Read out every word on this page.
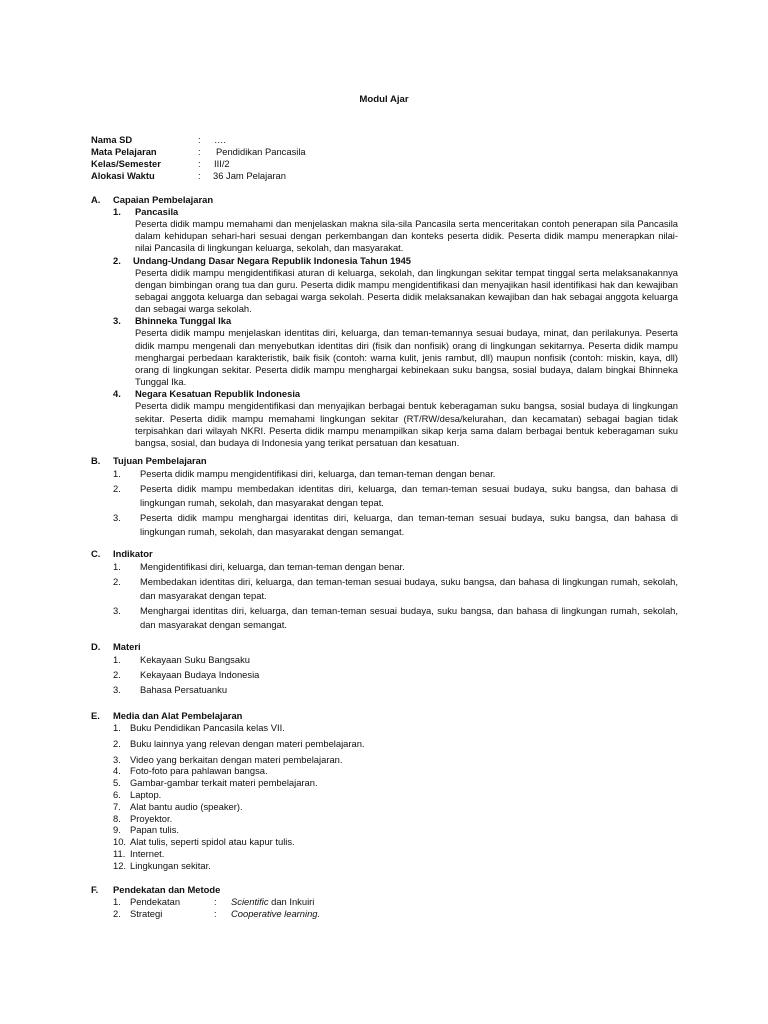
Modul Ajar
Nama SD	: ….
Mata Pelajaran	: Pendidikan Pancasila
Kelas/Semester	: III/2
Alokasi Waktu	: 36 Jam Pelajaran
A. Capaian Pembelajaran
1. Pancasila
Peserta didik mampu memahami dan menjelaskan makna sila-sila Pancasila serta menceritakan contoh penerapan sila Pancasila dalam kehidupan sehari-hari sesuai dengan perkembangan dan konteks peserta didik. Peserta didik mampu menerapkan nilai-nilai Pancasila di lingkungan keluarga, sekolah, dan masyarakat.
2. Undang-Undang Dasar Negara Republik Indonesia Tahun 1945
Peserta didik mampu mengidentifikasi aturan di keluarga, sekolah, dan lingkungan sekitar tempat tinggal serta melaksanakannya dengan bimbingan orang tua dan guru. Peserta didik mampu mengidentifikasi dan menyajikan hasil identifikasi hak dan kewajiban sebagai anggota keluarga dan sebagai warga sekolah. Peserta didik melaksanakan kewajiban dan hak sebagai anggota keluarga dan sebagai warga sekolah.
3. Bhinneka Tunggal Ika
Peserta didik mampu menjelaskan identitas diri, keluarga, dan teman-temannya sesuai budaya, minat, dan perilakunya. Peserta didik mampu mengenali dan menyebutkan identitas diri (fisik dan nonfisik) orang di lingkungan sekitarnya. Peserta didik mampu menghargai perbedaan karakteristik, baik fisik (contoh: warna kulit, jenis rambut, dll) maupun nonfisik (contoh: miskin, kaya, dll) orang di lingkungan sekitar. Peserta didik mampu menghargai kebinekaan suku bangsa, sosial budaya, dalam bingkai Bhinneka Tunggal Ika.
4. Negara Kesatuan Republik Indonesia
Peserta didik mampu mengidentifikasi dan menyajikan berbagai bentuk keberagaman suku bangsa, sosial budaya di lingkungan sekitar. Peserta didik mampu memahami lingkungan sekitar (RT/RW/desa/kelurahan, dan kecamatan) sebagai bagian tidak terpisahkan dari wilayah NKRI. Peserta didik mampu menampilkan sikap kerja sama dalam berbagai bentuk keberagaman suku bangsa, sosial, dan budaya di Indonesia yang terikat persatuan dan kesatuan.
B. Tujuan Pembelajaran
1. Peserta didik mampu mengidentifikasi diri, keluarga, dan teman-teman dengan benar.
2. Peserta didik mampu membedakan identitas diri, keluarga, dan teman-teman sesuai budaya, suku bangsa, dan bahasa di lingkungan rumah, sekolah, dan masyarakat dengan tepat.
3. Peserta didik mampu menghargai identitas diri, keluarga, dan teman-teman sesuai budaya, suku bangsa, dan bahasa di lingkungan rumah, sekolah, dan masyarakat dengan semangat.
C. Indikator
1. Mengidentifikasi diri, keluarga, dan teman-teman dengan benar.
2. Membedakan identitas diri, keluarga, dan teman-teman sesuai budaya, suku bangsa, dan bahasa di lingkungan rumah, sekolah, dan masyarakat dengan tepat.
3. Menghargai identitas diri, keluarga, dan teman-teman sesuai budaya, suku bangsa, dan bahasa di lingkungan rumah, sekolah, dan masyarakat dengan semangat.
D. Materi
1. Kekayaan Suku Bangsaku
2. Kekayaan Budaya Indonesia
3. Bahasa Persatuanku
E. Media dan Alat Pembelajaran
1. Buku Pendidikan Pancasila kelas VII.
2. Buku lainnya yang relevan dengan materi pembelajaran.
3. Video yang berkaitan dengan materi pembelajaran.
4. Foto-foto para pahlawan bangsa.
5. Gambar-gambar terkait materi pembelajaran.
6. Laptop.
7. Alat bantu audio (speaker).
8. Proyektor.
9. Papan tulis.
10. Alat tulis, seperti spidol atau kapur tulis.
11. Internet.
12. Lingkungan sekitar.
F. Pendekatan dan Metode
1. Pendekatan	: Scientific dan Inkuiri
2. Strategi	: Cooperative learning.
